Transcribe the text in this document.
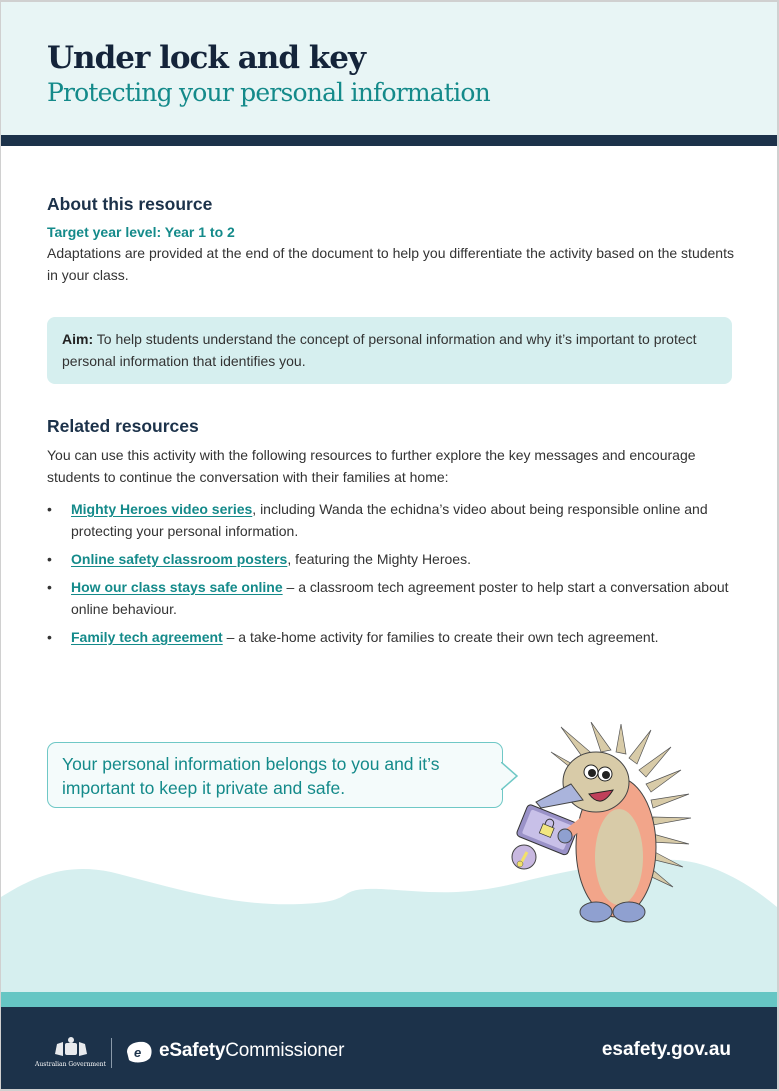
Under lock and key
Protecting your personal information
About this resource
Target year level: Year 1 to 2

Adaptations are provided at the end of the document to help you differentiate the activity based on the students in your class.

Aim: To help students understand the concept of personal information and why it’s important to protect personal information that identifies you.
Related resources

You can use this activity with the following resources to further explore the key messages and encourage students to continue the conversation with their families at home:

• Mighty Heroes video series, including Wanda the echidna’s video about being responsible online and protecting your personal information.
• Online safety classroom posters, featuring the Mighty Heroes.
• How our class stays safe online – a classroom tech agreement poster to help start a conversation about online behaviour.
• Family tech agreement – a take-home activity for families to create their own tech agreement.
Your personal information belongs to you and it’s important to keep it private and safe.
Australian Government
e eSafetyCommissioner	esafety.gov.au
